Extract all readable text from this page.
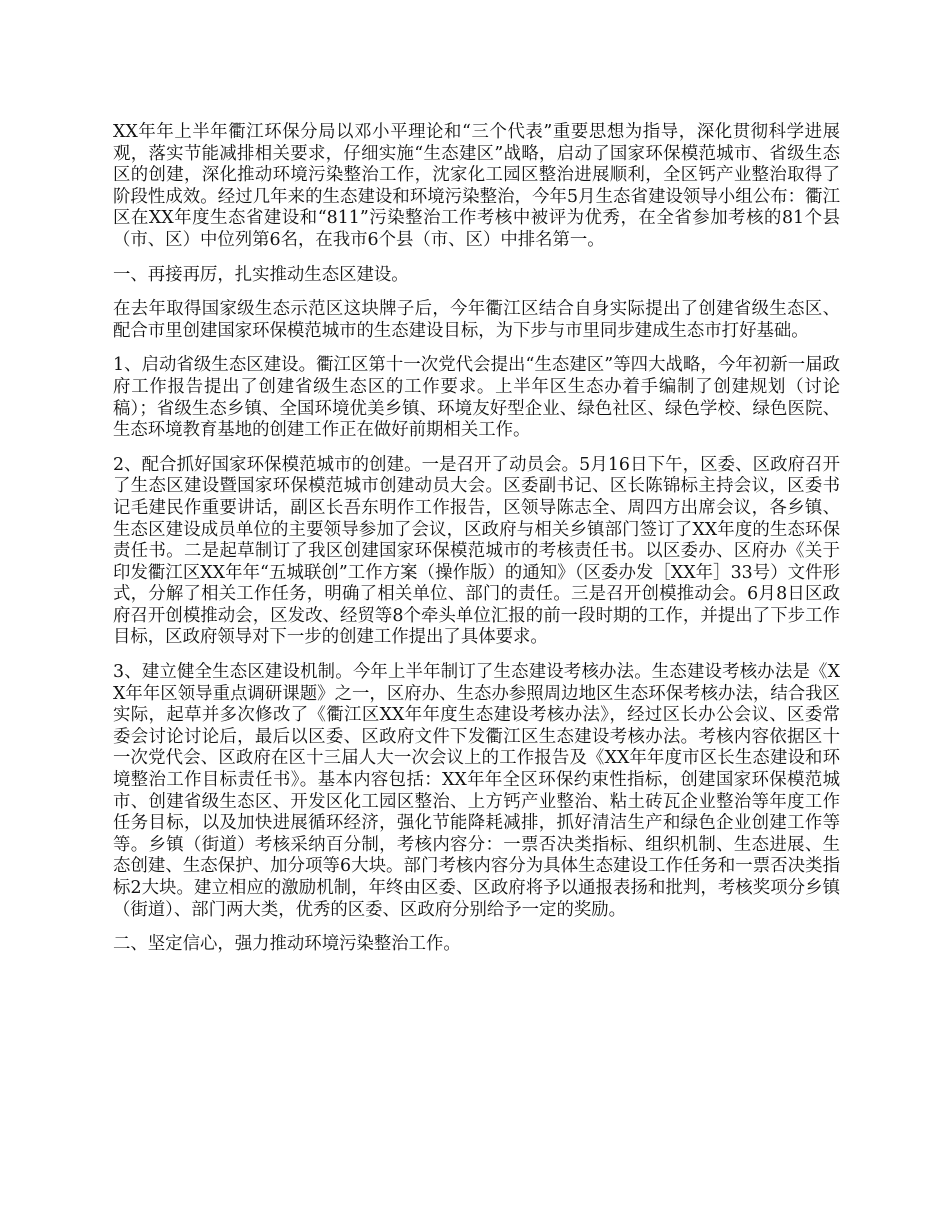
XX年年上半年衢江环保分局以邓小平理论和“三个代表”重要思想为指导，深化贯彻科学进展观，落实节能减排相关要求，仔细实施“生态建区”战略，启动了国家环保模范城市、省级生态区的创建，深化推动环境污染整治工作，沈家化工园区整治进展顺利，全区钙产业整治取得了阶段性成效。经过几年来的生态建设和环境污染整治，今年5月生态省建设领导小组公布：衢江区在XX年度生态省建设和“811”污染整治工作考核中被评为优秀，在全省参加考核的81个县（市、区）中位列第6名，在我市6个县（市、区）中排名第一。

一、再接再厉，扎实推动生态区建设。

在去年取得国家级生态示范区这块牌子后，今年衢江区结合自身实际提出了创建省级生态区、配合市里创建国家环保模范城市的生态建设目标，为下步与市里同步建成生态市打好基础。

1、启动省级生态区建设。衢江区第十一次党代会提出“生态建区”等四大战略，今年初新一届政府工作报告提出了创建省级生态区的工作要求。上半年区生态办着手编制了创建规划（讨论稿）；省级生态乡镇、全国环境优美乡镇、环境友好型企业、绿色社区、绿色学校、绿色医院、生态环境教育基地的创建工作正在做好前期相关工作。

2、配合抓好国家环保模范城市的创建。一是召开了动员会。5月16日下午，区委、区政府召开了生态区建设暨国家环保模范城市创建动员大会。区委副书记、区长陈锦标主持会议，区委书记毛建民作重要讲话，副区长吾东明作工作报告，区领导陈志全、周四方出席会议，各乡镇、生态区建设成员单位的主要领导参加了会议，区政府与相关乡镇部门签订了XX年度的生态环保责任书。二是起草制订了我区创建国家环保模范城市的考核责任书。以区委办、区府办《关于印发衢江区XX年年“五城联创”工作方案（操作版）的通知》（区委办发［XX年］33号）文件形式，分解了相关工作任务，明确了相关单位、部门的责任。三是召开创模推动会。6月8日区政府召开创模推动会，区发改、经贸等8个牵头单位汇报的前一段时期的工作，并提出了下步工作目标，区政府领导对下一步的创建工作提出了具体要求。

3、建立健全生态区建设机制。今年上半年制订了生态建设考核办法。生态建设考核办法是《XX年年区领导重点调研课题》之一，区府办、生态办参照周边地区生态环保考核办法，结合我区实际，起草并多次修改了《衢江区XX年年度生态建设考核办法》，经过区长办公会议、区委常委会讨论讨论后，最后以区委、区政府文件下发衢江区生态建设考核办法。考核内容依据区十一次党代会、区政府在区十三届人大一次会议上的工作报告及《XX年年度市区长生态建设和环境整治工作目标责任书》。基本内容包括：XX年年全区环保约束性指标，创建国家环保模范城市、创建省级生态区、开发区化工园区整治、上方钙产业整治、粘土砖瓦企业整治等年度工作任务目标，以及加快进展循环经济，强化节能降耗减排，抓好清洁生产和绿色企业创建工作等等。乡镇（街道）考核采纳百分制，考核内容分：一票否决类指标、组织机制、生态进展、生态创建、生态保护、加分项等6大块。部门考核内容分为具体生态建设工作任务和一票否决类指标2大块。建立相应的激励机制，年终由区委、区政府将予以通报表扬和批判，考核奖项分乡镇（街道）、部门两大类，优秀的区委、区政府分别给予一定的奖励。

二、坚定信心，强力推动环境污染整治工作。
